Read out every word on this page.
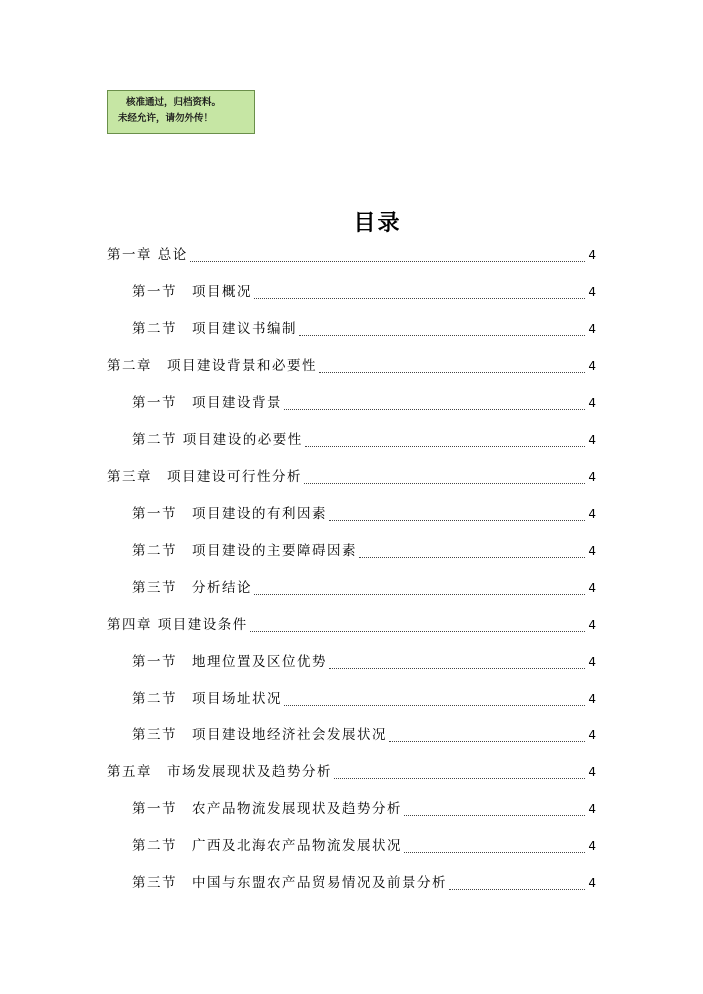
核准通过，归档资料。
未经允许，请勿外传！
目录
第一章 总论	4
第一节　项目概况	4
第二节　项目建议书编制	4
第二章　项目建设背景和必要性	4
第一节　项目建设背景	4
第二节 项目建设的必要性	4
第三章　项目建设可行性分析	4
第一节　项目建设的有利因素	4
第二节　项目建设的主要障碍因素	4
第三节　分析结论	4
第四章 项目建设条件	4
第一节　地理位置及区位优势	4
第二节　项目场址状况	4
第三节　项目建设地经济社会发展状况	4
第五章　市场发展现状及趋势分析	4
第一节　农产品物流发展现状及趋势分析	4
第二节　广西及北海农产品物流发展状况	4
第三节　中国与东盟农产品贸易情况及前景分析	4
